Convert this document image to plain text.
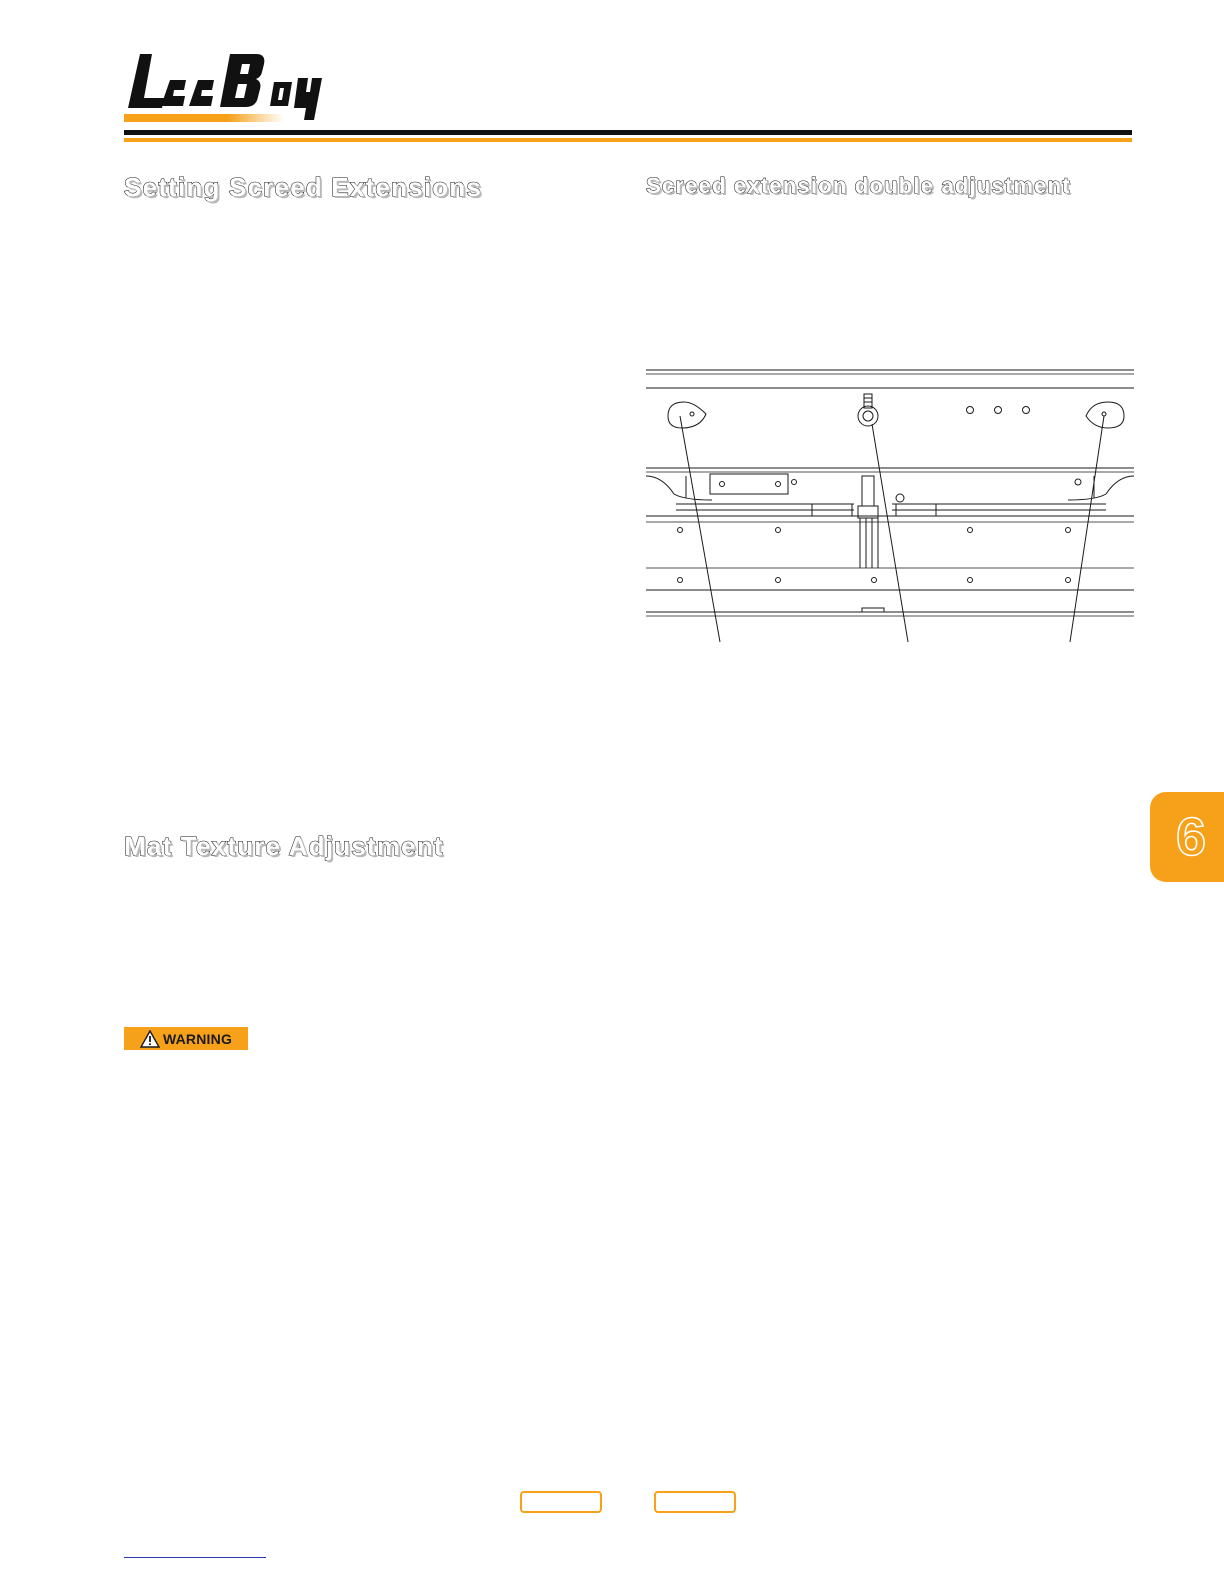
Setting Screed Extensions	Screed extension double adjustment
Mat Texture Adjustment
WARNING
6
